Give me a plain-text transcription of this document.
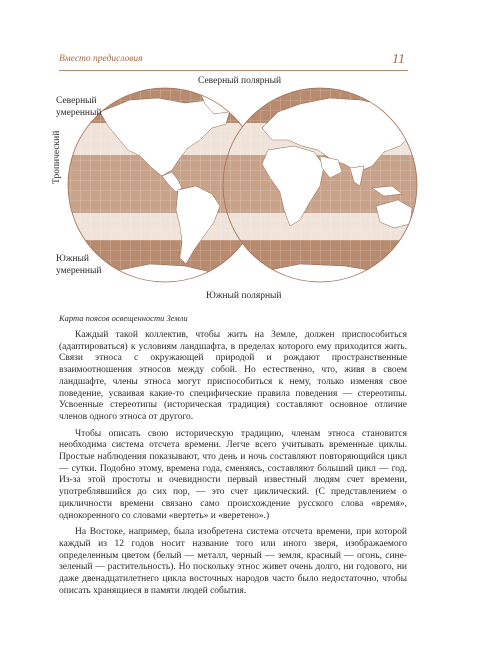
Вместо предисловия	11
Северный полярный
Северный
умеренный
Тропический
Южный
умеренный
Южный полярный
Карта поясов освещенности Земли

Каждый такой коллектив, чтобы жить на Земле, должен приспособиться (адаптироваться) к условиям ландшафта, в пределах которого ему приходится жить. Связи этноса с окружающей природой и рождают пространственные взаимоотношения этносов между собой. Но естественно, что, живя в своем ландшафте, члены этноса могут приспособиться к нему, только изменяя свое поведение, усваивая какие-то специфические правила поведения — стереотипы. Усвоенные стереотипы (историческая традиция) составляют основное отличие членов одного этноса от другого.

Чтобы описать свою историческую традицию, членам этноса становится необходима система отсчета времени. Легче всего учитывать временные циклы. Простые наблюдения показывают, что день и ночь составляют повторяющийся цикл — сутки. Подобно этому, времена года, сменяясь, составляют больший цикл — год. Из-за этой простоты и очевидности первый известный людям счет времени, употреблявшийся до сих пор, — это счет циклический. (С представлением о цикличности времени связано само происхождение русского слова «время», однокоренного со словами «вертеть» и «веретено».)

На Востоке, например, была изобретена система отсчета времени, при которой каждый из 12 годов носит название того или иного зверя, изображаемого определенным цветом (белый — металл, черный — земля, красный — огонь, сине-зеленый — растительность). Но поскольку этнос живет очень долго, ни годового, ни даже двенадцатилетнего цикла восточных народов часто было недостаточно, чтобы описать хранящиеся в памяти людей события.
